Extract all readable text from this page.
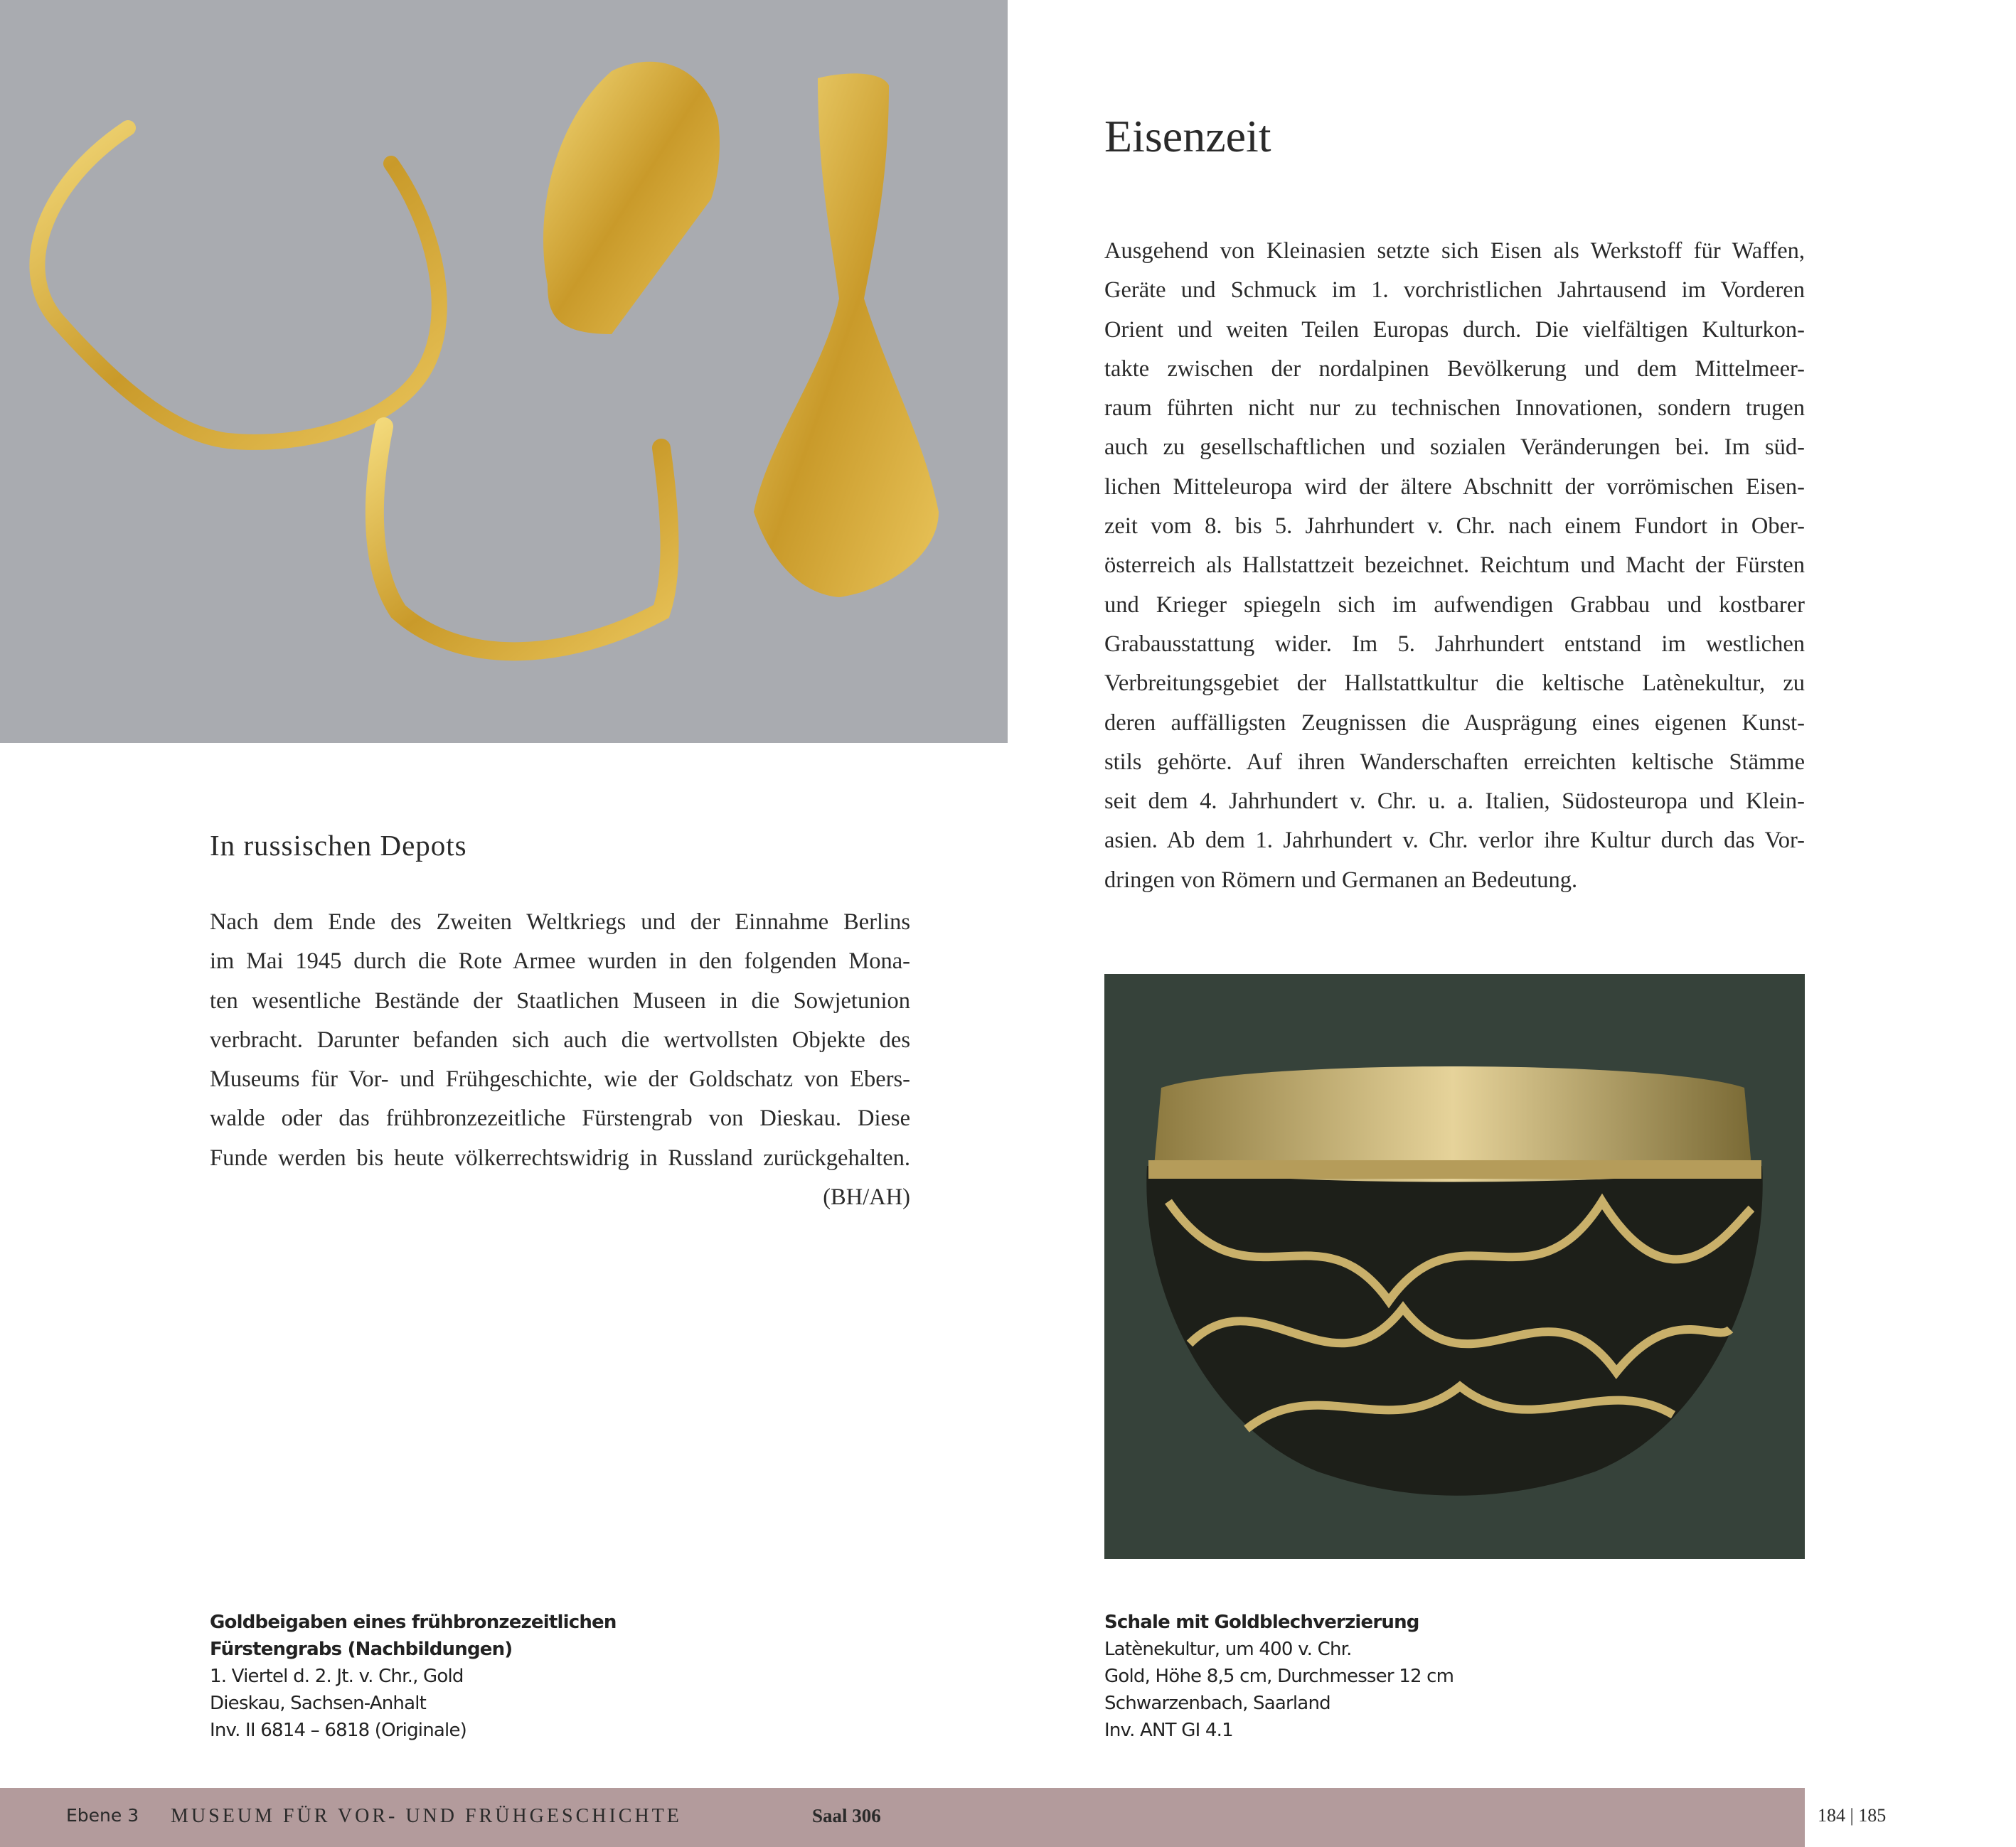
Eisenzeit
Ausgehend von Kleinasien setzte sich Eisen als Werkstoff für Waffen,
Geräte und Schmuck im 1. vorchristlichen Jahrtausend im Vorderen
Orient und weiten Teilen Europas durch. Die vielfältigen Kulturkon-
takte zwischen der nordalpinen Bevölkerung und dem Mittelmeer-
raum führten nicht nur zu technischen Innovationen, sondern trugen
auch zu gesellschaftlichen und sozialen Veränderungen bei. Im süd-
lichen Mitteleuropa wird der ältere Abschnitt der vorrömischen Eisen-
zeit vom 8. bis 5. Jahrhundert v. Chr. nach einem Fundort in Ober-
österreich als Hallstattzeit bezeichnet. Reichtum und Macht der Fürsten
und Krieger spiegeln sich im aufwendigen Grabbau und kostbarer
Grabausstattung wider. Im 5. Jahrhundert entstand im westlichen
Verbreitungsgebiet der Hallstattkultur die keltische Latènekultur, zu
deren auffälligsten Zeugnissen die Ausprägung eines eigenen Kunst-
stils gehörte. Auf ihren Wanderschaften erreichten keltische Stämme
seit dem 4. Jahrhundert v. Chr. u. a. Italien, Südosteuropa und Klein-
asien. Ab dem 1. Jahrhundert v. Chr. verlor ihre Kultur durch das Vor-
dringen von Römern und Germanen an Bedeutung.
In russischen Depots
Nach dem Ende des Zweiten Weltkriegs und der Einnahme Berlins
im Mai 1945 durch die Rote Armee wurden in den folgenden Mona-
ten wesentliche Bestände der Staatlichen Museen in die Sowjetunion
verbracht. Darunter befanden sich auch die wertvollsten Objekte des
Museums für Vor- und Frühgeschichte, wie der Goldschatz von Ebers-
walde oder das frühbronzezeitliche Fürstengrab von Dieskau. Diese
Funde werden bis heute völkerrechtswidrig in Russland zurückgehalten.
(BH/AH)
Goldbeigaben eines frühbronzezeitlichen
Fürstengrabs (Nachbildungen)
1. Viertel d. 2. Jt. v. Chr., Gold
Dieskau, Sachsen-Anhalt
Inv. II 6814 – 6818 (Originale)
Schale mit Goldblechverzierung
Latènekultur, um 400 v. Chr.
Gold, Höhe 8,5 cm, Durchmesser 12 cm
Schwarzenbach, Saarland
Inv. ANT GI 4.1
Ebene 3 MUSEUM FÜR VOR- UND FRÜHGESCHICHTE	Saal 306	184 | 185
